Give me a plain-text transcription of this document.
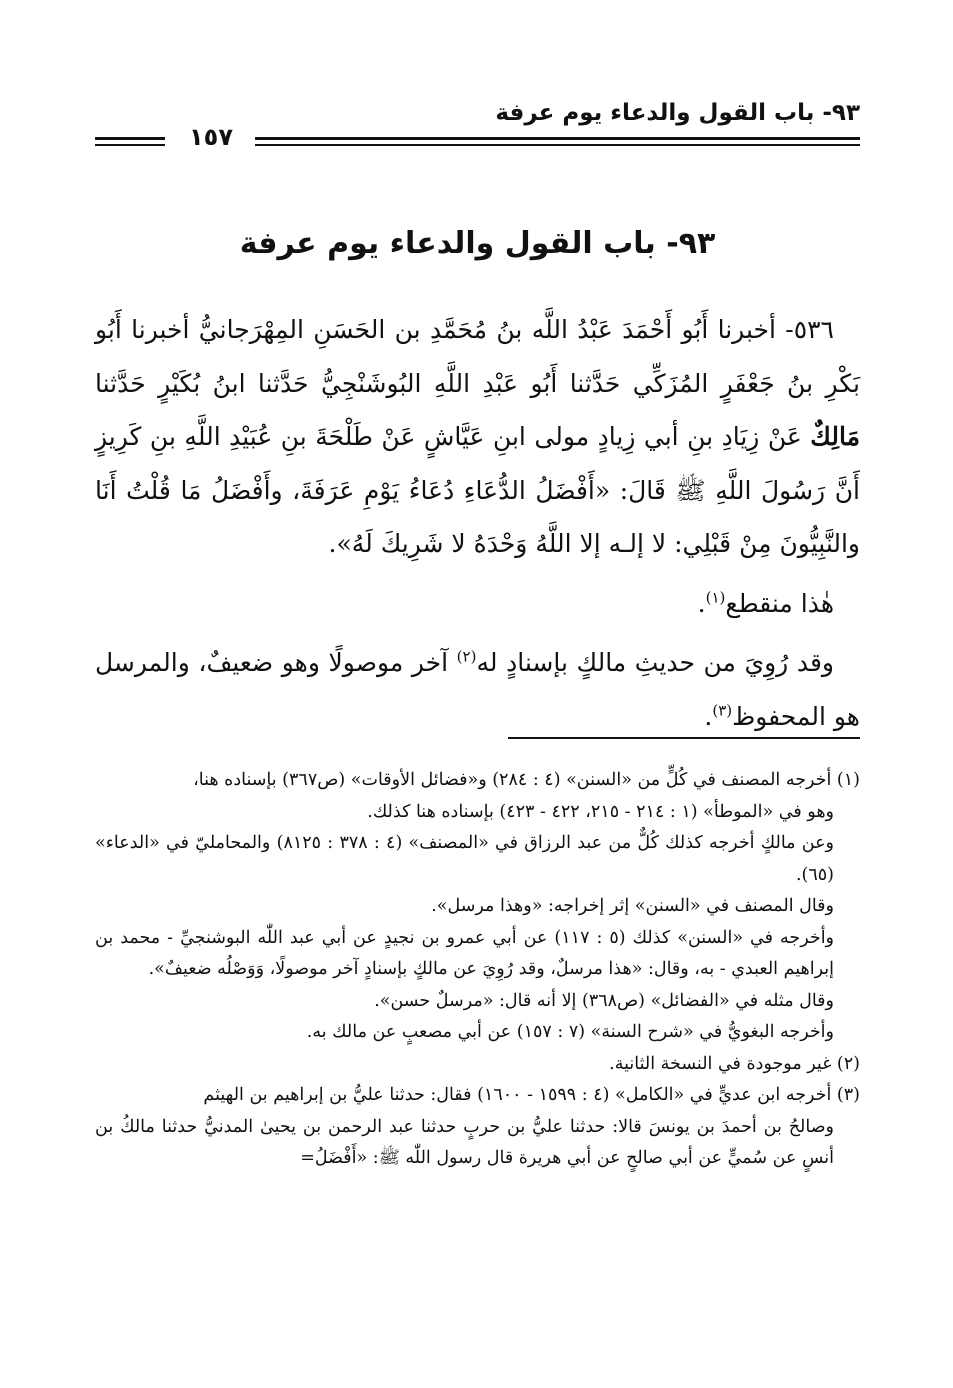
٩٣- باب القول والدعاء يوم عرفة
١٥٧
٩٣- باب القول والدعاء يوم عرفة

٥٣٦- أخبرنا أَبُو أَحْمَدَ عَبْدُ اللَّه بنُ مُحَمَّدِ بن الحَسَنِ المِهْرَجانيُّ أخبرنا أَبُو بَكْرِ بنُ جَعْفَرٍ المُزَكِّي حَدَّثنا أَبُو عَبْدِ اللَّهِ البُوشَنْجِيُّ حَدَّثنا ابنُ بُكَيْرٍ حَدَّثنا مَالِكٌ عَنْ زِيَادِ بنِ أبي زِيادٍ مولى ابنِ عَيَّاشٍ عَنْ طَلْحَةَ بنِ عُبَيْدِ اللَّهِ بنِ كَرِيزٍ أَنَّ رَسُولَ اللَّهِ ﷺ قَالَ: «أَفْضَلُ الدُّعَاءِ دُعَاءُ يَوْمِ عَرَفَةَ، وأَفْضَلُ مَا قُلْتُ أَنَا والنَّبِيُّونَ مِنْ قَبْلِي: لا إلـه إلا اللَّهُ وَحْدَهُ لا شَرِيكَ لَهُ».

هٰذا منقطع$^{(١)}$.

وقد رُوِيَ من حديثِ مالكٍ بإسنادٍ له$^{(٢)}$ آخر موصولًا وهو ضعيفٌ، والمرسل هو المحفوظ$^{(٣)}$.

(١) أخرجه المصنف في كُلٍّ من «السنن» (٤ : ٢٨٤) و«فضائل الأوقات» (ص٣٦٧) بإسناده هنا،

وهو في «الموطأ» (١ : ٢١٤ - ٢١٥، ٤٢٢ - ٤٢٣) بإسناده هنا كذلك.

وعن مالكٍ أخرجه كذلك كُلٌّ من عبد الرزاق في «المصنف» (٤ : ٣٧٨ : ٨١٢٥) والمحامليّ في «الدعاء» (٦٥).

وقال المصنف في «السنن» إثر إخراجه: «وهذا مرسل».

وأخرجه في «السنن» كذلك (٥ : ١١٧) عن أبي عمرو بن نجيدٍ عن أبي عبد اللّٰه البوشنجيِّ - محمد بن إبراهيم العبدي - به، وقال: «هذا مرسلٌ، وقد رُوِيَ عن مالكٍ بإسنادٍ آخر موصولًا، وَوَصْلُه ضعيفٌ».

وقال مثله في «الفضائل» (ص٣٦٨) إلا أنه قال: «مرسلٌ حسن».

وأخرجه البغويُّ في «شرح السنة» (٧ : ١٥٧) عن أبي مصعبٍ عن مالك به.

(٢) غير موجودة في النسخة الثانية.

(٣) أخرجه ابن عديٍّ في «الكامل» (٤ : ١٥٩٩ - ١٦٠٠) فقال: حدثنا عليُّ بن إبراهيم بن الهيثم

وصالحُ بن أحمدَ بن يونسَ قالا: حدثنا عليُّ بن حربٍ حدثنا عبد الرحمن بن يحيىٰ المدنيُّ حدثنا مالكُ بن أنسٍ عن سُميٍّ عن أبي صالحٍ عن أبي هريرة قال رسول اللّٰه ﷺ: «أَفْضَلُ=
